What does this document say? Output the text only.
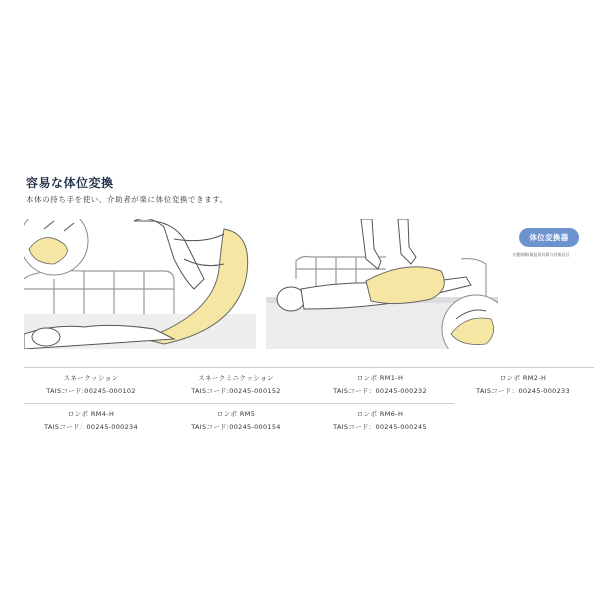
容易な体位変換
本体の持ち手を使い、介助者が楽に体位変換できます。
体位変換器
介護保険/福祉用具貸与対象品目
スネークッション
TAISコード:00245-000102
スネークミニクッション
TAISコード:00245-000152
ロンポ RM1-H
TAISコード：00245-000232
ロンポ RM2-H
TAISコード：00245-000233
ロンポ RM4-H
TAISコード：00245-000234
ロンポ RM5
TAISコード:00245-000154
ロンポ RM6-H
TAISコード：00245-000245
